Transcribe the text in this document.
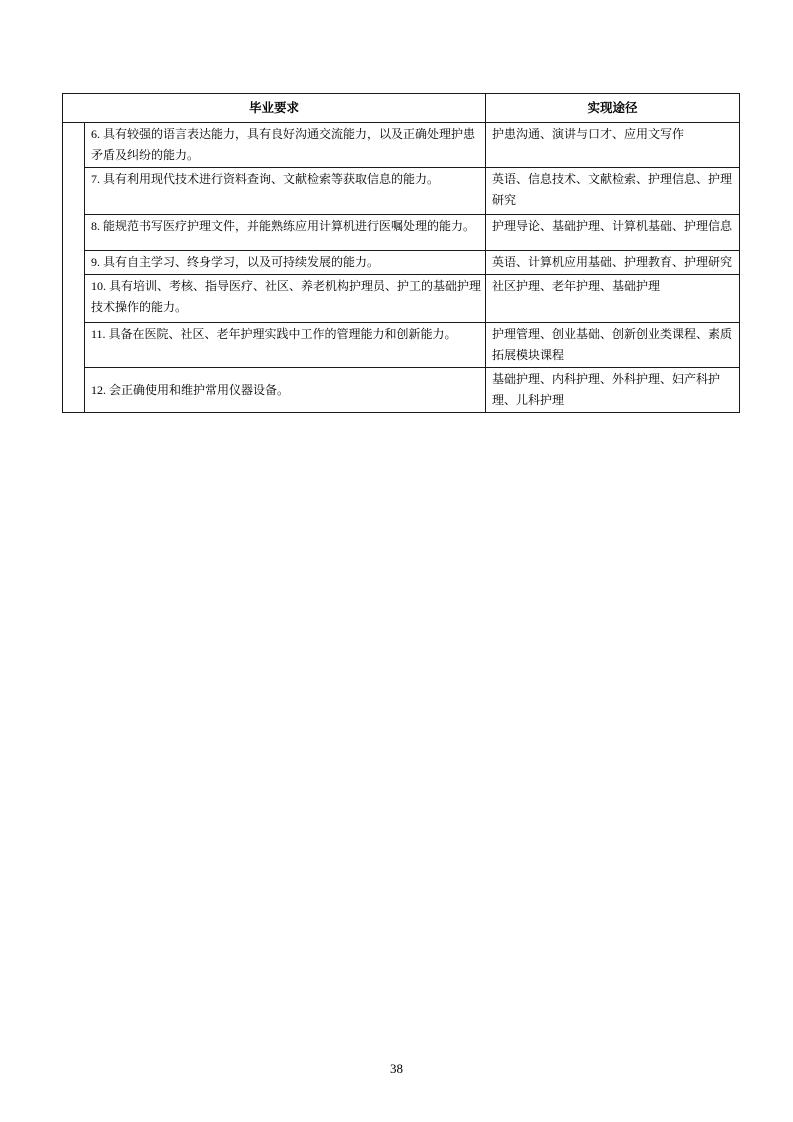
毕业要求		实现途径
	6. 具有较强的语言表达能力，具有良好沟通交流能力，以及正确处理护患矛盾及纠纷的能力。	护患沟通、演讲与口才、应用文写作
	7. 具有利用现代技术进行资料查询、文献检索等获取信息的能力。	英语、信息技术、文献检索、护理信息、护理研究
	8. 能规范书写医疗护理文件，并能熟练应用计算机进行医嘱处理的能力。	护理导论、基础护理、计算机基础、护理信息
	9. 具有自主学习、终身学习，以及可持续发展的能力。	英语、计算机应用基础、护理教育、护理研究
	10. 具有培训、考核、指导医疗、社区、养老机构护理员、护工的基础护理技术操作的能力。	社区护理、老年护理、基础护理
	11. 具备在医院、社区、老年护理实践中工作的管理能力和创新能力。	护理管理、创业基础、创新创业类课程、素质拓展模块课程
	12. 会正确使用和维护常用仪器设备。	基础护理、内科护理、外科护理、妇产科护理、儿科护理
38
